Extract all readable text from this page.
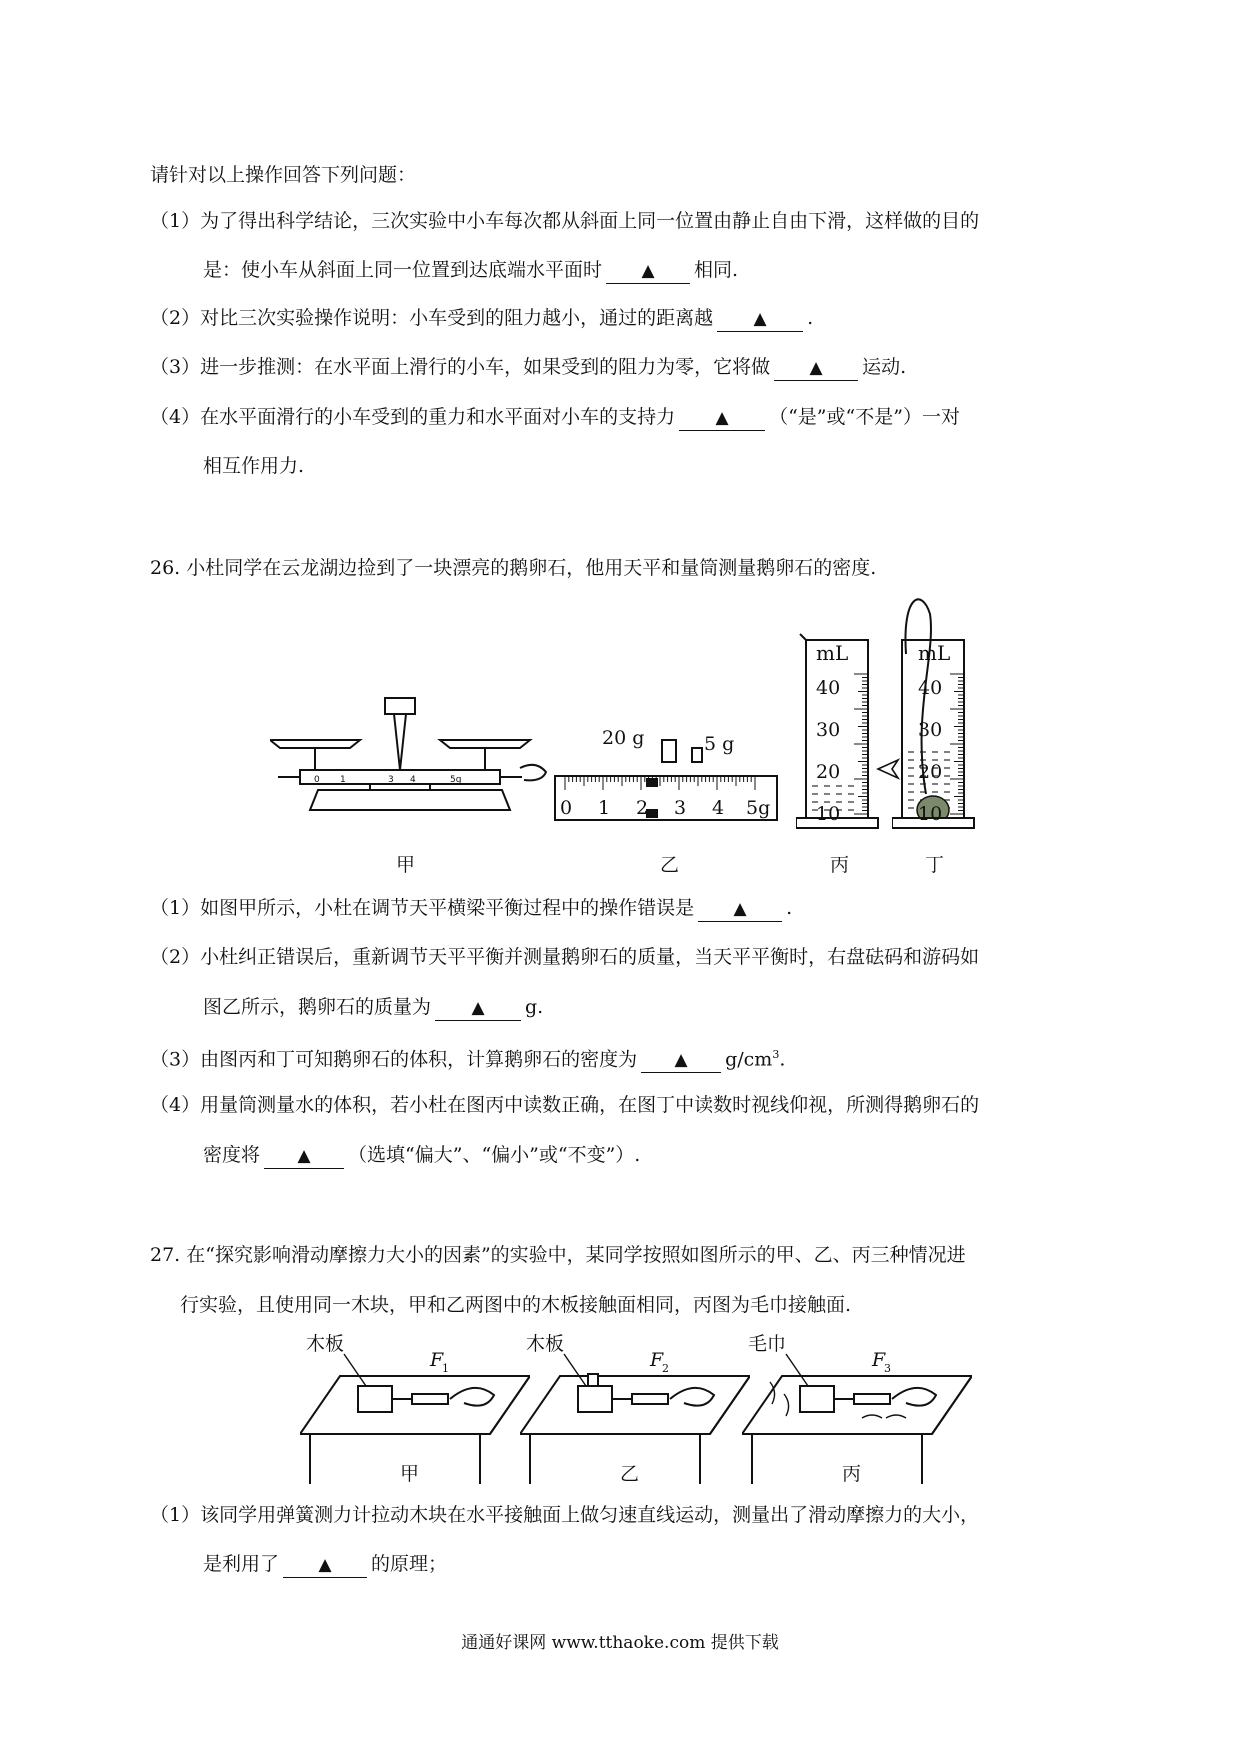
请针对以上操作回答下列问题：
（1）为了得出科学结论，三次实验中小车每次都从斜面上同一位置由静止自由下滑，这样做的目的
是：使小车从斜面上同一位置到达底端水平面时 ▲ 相同.
（2）对比三次实验操作说明：小车受到的阻力越小，通过的距离越 ▲ .
（3）进一步推测：在水平面上滑行的小车，如果受到的阻力为零，它将做 ▲ 运动.
（4）在水平面滑行的小车受到的重力和水平面对小车的支持力 ▲ （“是”或“不是”）一对
相互作用力.
26. 小杜同学在云龙湖边捡到了一块漂亮的鹅卵石，他用天平和量筒测量鹅卵石的密度.
0 1	3 4	5g
20 g	5 g
0 1 2 3 4 5g
mL
40
30
20
10
mL
40
30
20
10
甲	乙	丙	丁
（1）如图甲所示，小杜在调节天平横梁平衡过程中的操作错误是 ▲ .
（2）小杜纠正错误后，重新调节天平平衡并测量鹅卵石的质量，当天平平衡时，右盘砝码和游码如
图乙所示，鹅卵石的质量为 ▲ g.
（3）由图丙和丁可知鹅卵石的体积，计算鹅卵石的密度为 ▲ $g/cm^3$.
（4）用量筒测量水的体积，若小杜在图丙中读数正确，在图丁中读数时视线仰视，所测得鹅卵石的
密度将 ▲ （选填“偏大”、“偏小”或“不变”）.
27. 在“探究影响滑动摩擦力大小的因素”的实验中，某同学按照如图所示的甲、乙、丙三种情况进
行实验，且使用同一木块，甲和乙两图中的木板接触面相同，丙图为毛巾接触面.
木板
F
1
甲
木板
F
2
乙
毛巾
F
3
丙
（1）该同学用弹簧测力计拉动木块在水平接触面上做匀速直线运动，测量出了滑动摩擦力的大小，
是利用了 ▲ 的原理；
通通好课网 www.tthaoke.com 提供下载
